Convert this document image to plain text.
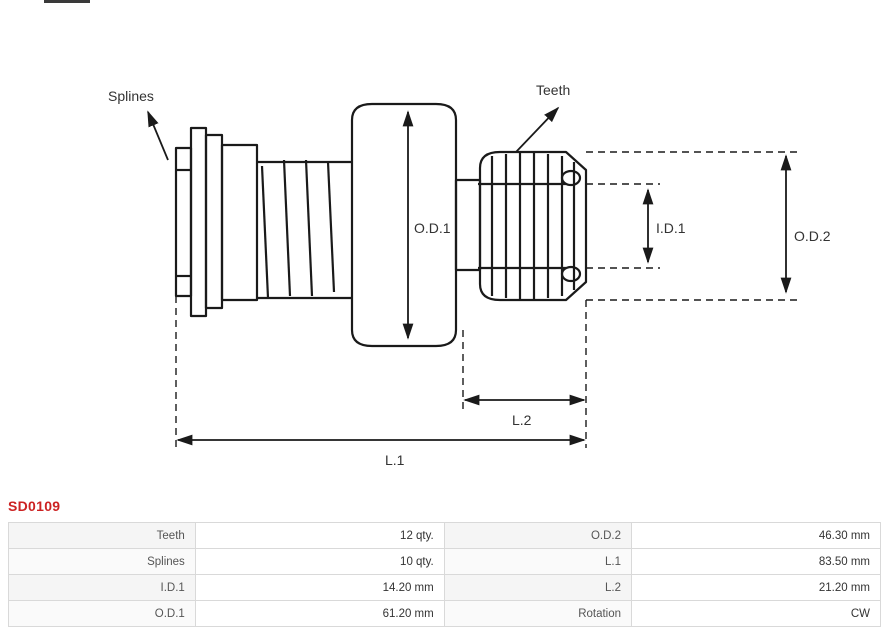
Splines	Teeth
O.D.1	I.D.1	O.D.2
L.2
L.1
SD0109
Teeth	12 qty.	O.D.2	46.30 mm
Splines	10 qty.	L.1	83.50 mm
I.D.1	14.20 mm	L.2	21.20 mm
O.D.1	61.20 mm	Rotation	CW
